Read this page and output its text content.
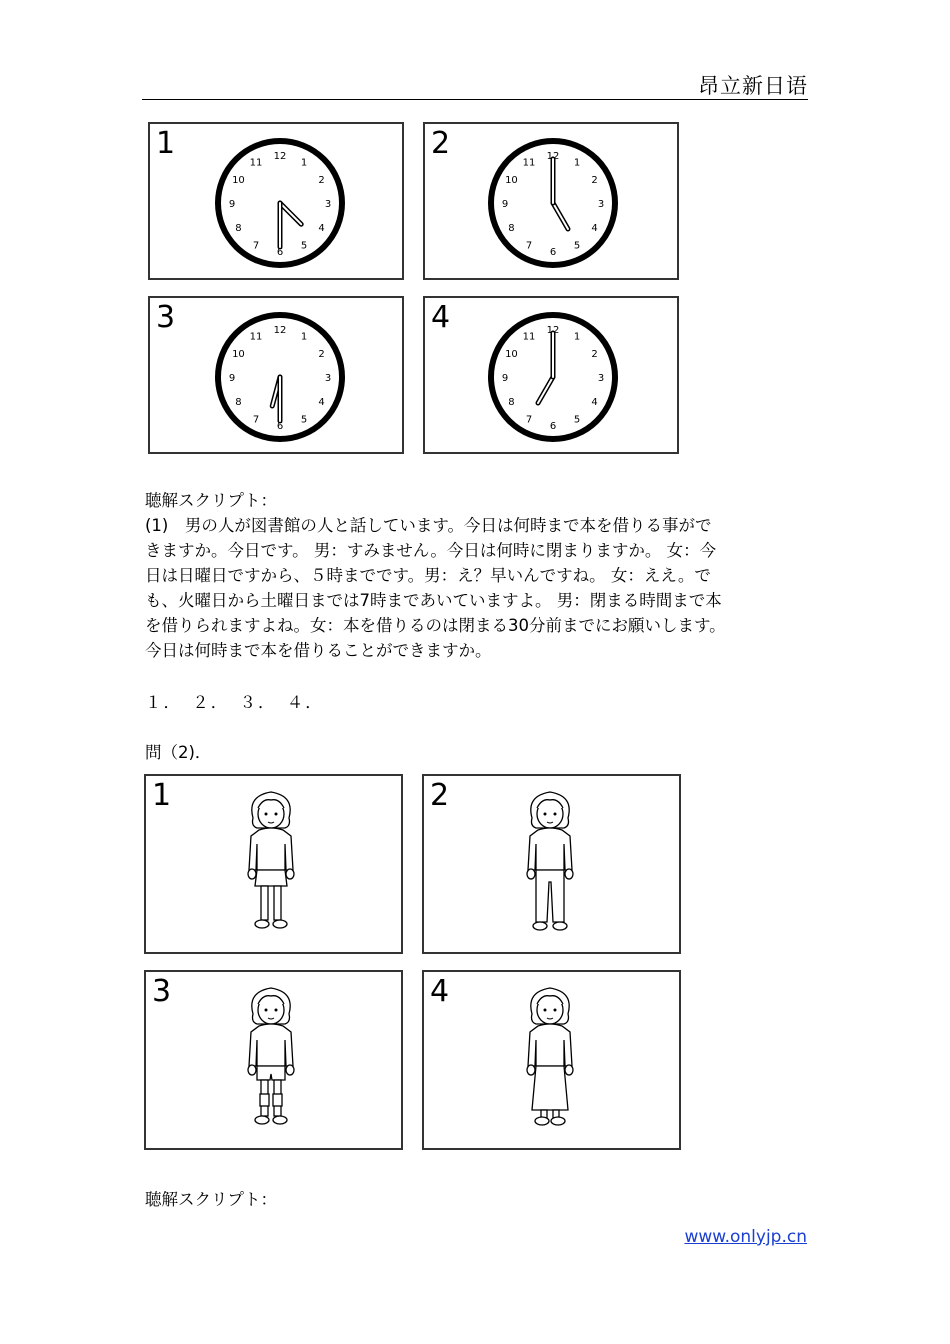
昂立新日语
1	12
1
2
3
4
5
6
7
8
9
10
11
2	12
1
2
3
4
5
6
7
8
9
10
11
3	12
1
2
3
4
5
6
7
8
9
10
11
4	12
1
2
3
4
5
6
7
8
9
10
11
聴解スクリプト：
(1)　男の人が図書館の人と話しています。今日は何時まで本を借りる事がで
きますか。今日です。 男：すみません。今日は何時に閉まりますか。 女：今
日は日曜日ですから、５時までです。男：え？早いんですね。 女：ええ。で
も、火曜日から土曜日までは7時まであいていますよ。 男：閉まる時間まで本
を借りられますよね。女：本を借りるのは閉まる30分前までにお願いします。
今日は何時まで本を借りることができますか。
１．　２．　３．　４．
問（2)．
1	2
3	4
聴解スクリプト：
www.onlyjp.cn
